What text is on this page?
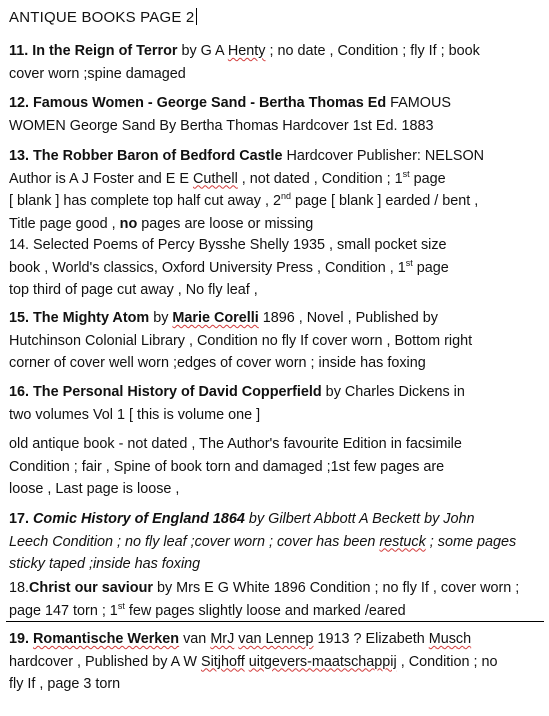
ANTIQUE BOOKS PAGE 2
11. In the Reign of Terror by G A Henty ; no date , Condition ; fly If ; book
cover worn ;spine damaged
12. Famous Women - George Sand - Bertha Thomas Ed FAMOUS
WOMEN George Sand By Bertha Thomas Hardcover 1st Ed. 1883
13. The Robber Baron of Bedford Castle Hardcover Publisher: NELSON
Author is A J Foster and E E Cuthell , not dated , Condition ; 1st page
[ blank ] has complete top half cut away , 2nd page [ blank ] earded / bent ,
Title page good , no pages are loose or missing
14. Selected Poems of Percy Bysshe Shelly 1935 , small pocket size
book , World's classics, Oxford University Press , Condition , 1st page
top third of page cut away , No fly leaf ,
15. The Mighty Atom by Marie Corelli 1896 , Novel , Published by
Hutchinson Colonial Library , Condition no fly If cover worn , Bottom right
corner of cover well worn ;edges of cover worn ; inside has foxing
16. The Personal History of David Copperfield by Charles Dickens in
two volumes Vol 1 [ this is volume one ]
old antique book - not dated , The Author's favourite Edition in facsimile
Condition ; fair , Spine of book torn and damaged ;1st few pages are
loose , Last page is loose ,
17. Comic History of England 1864 by Gilbert Abbott A Beckett by John
Leech Condition ; no fly leaf ;cover worn ; cover has been restuck ; some pages
sticky taped ;inside has foxing
18.Christ our saviour by Mrs E G White 1896 Condition ; no fly If , cover worn ;
page 147 torn ; 1st few pages slightly loose and marked /eared
19. Romantische Werken van MrJ van Lennep 1913 ? Elizabeth Musch
hardcover , Published by A W Sitjhoff uitgevers-maatschappij , Condition ; no
fly If , page 3 torn
